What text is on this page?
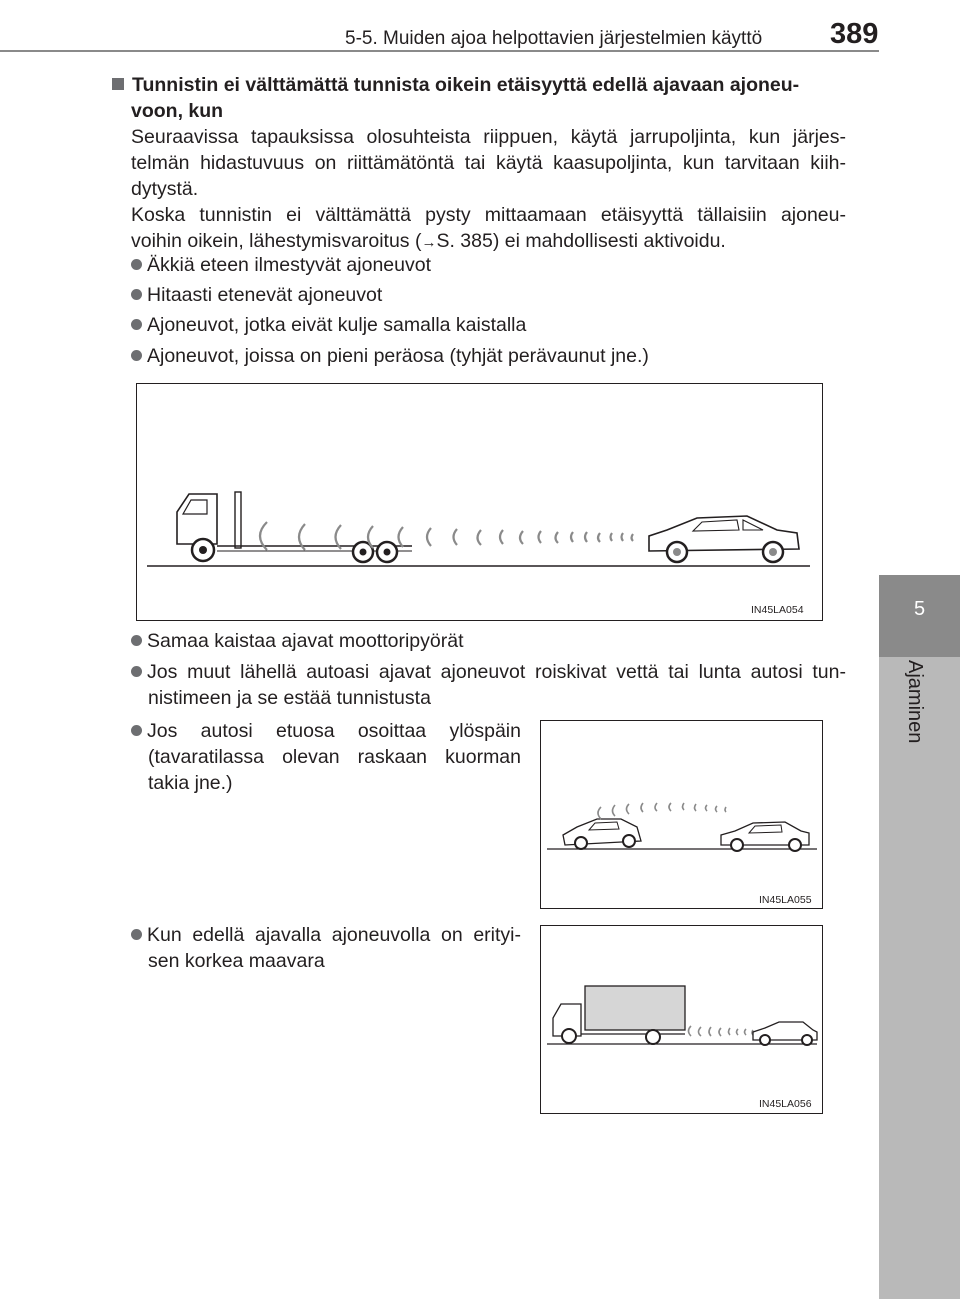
5-5. Muiden ajoa helpottavien järjestelmien käyttö 389
5
Ajaminen
Tunnistin ei välttämättä tunnista oikein etäisyyttä edellä ajavaan ajoneu-
voon, kun
Seuraavissa tapauksissa olosuhteista riippuen, käytä jarrupoljinta, kun järjes-
telmän hidastuvuus on riittämätöntä tai käytä kaasupoljinta, kun tarvitaan kiih-
dytystä.
Koska tunnistin ei välttämättä pysty mittaamaan etäisyyttä tällaisiin ajoneu-
voihin oikein, lähestymisvaroitus (→S. 385) ei mahdollisesti aktivoidu.
Äkkiä eteen ilmestyvät ajoneuvot
Hitaasti etenevät ajoneuvot
Ajoneuvot, jotka eivät kulje samalla kaistalla
Ajoneuvot, joissa on pieni peräosa (tyhjät perävaunut jne.)
IN45LA054
Samaa kaistaa ajavat moottoripyörät
Jos muut lähellä autoasi ajavat ajoneuvot roiskivat vettä tai lunta autosi tun-
nistimeen ja se estää tunnistusta
Jos autosi etuosa osoittaa ylöspäin
(tavaratilassa olevan raskaan kuorman
takia jne.)
IN45LA055
Kun edellä ajavalla ajoneuvolla on erityi-
sen korkea maavara
IN45LA056
